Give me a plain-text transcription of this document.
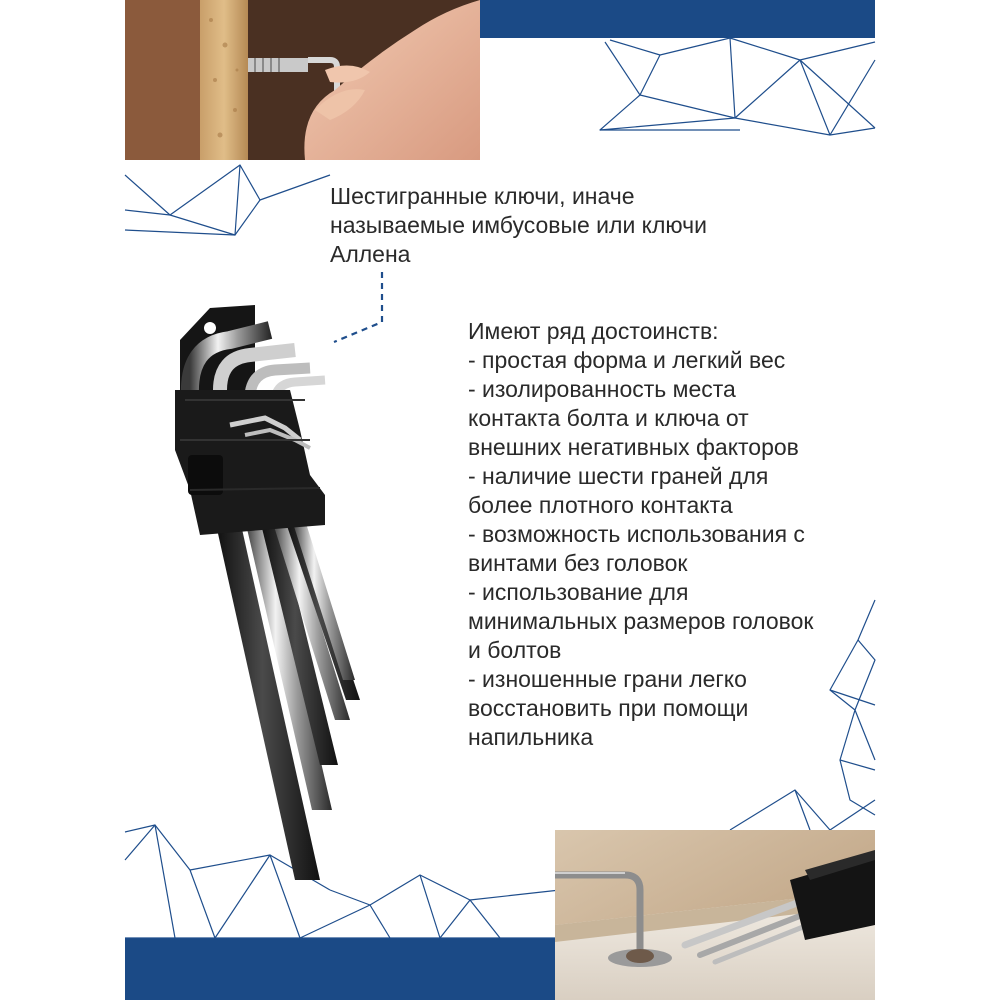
Шестигранные ключи, иначе
называемые имбусовые или ключи
Аллена
Имеют ряд достоинств:
- простая форма и легкий вес
- изолированность места
контакта болта и ключа от
внешних негативных факторов
- наличие шести граней для
более плотного контакта
- возможность использования с
винтами без головок
- использование для
минимальных размеров головок
и болтов
- изношенные грани легко
восстановить при помощи
напильника
